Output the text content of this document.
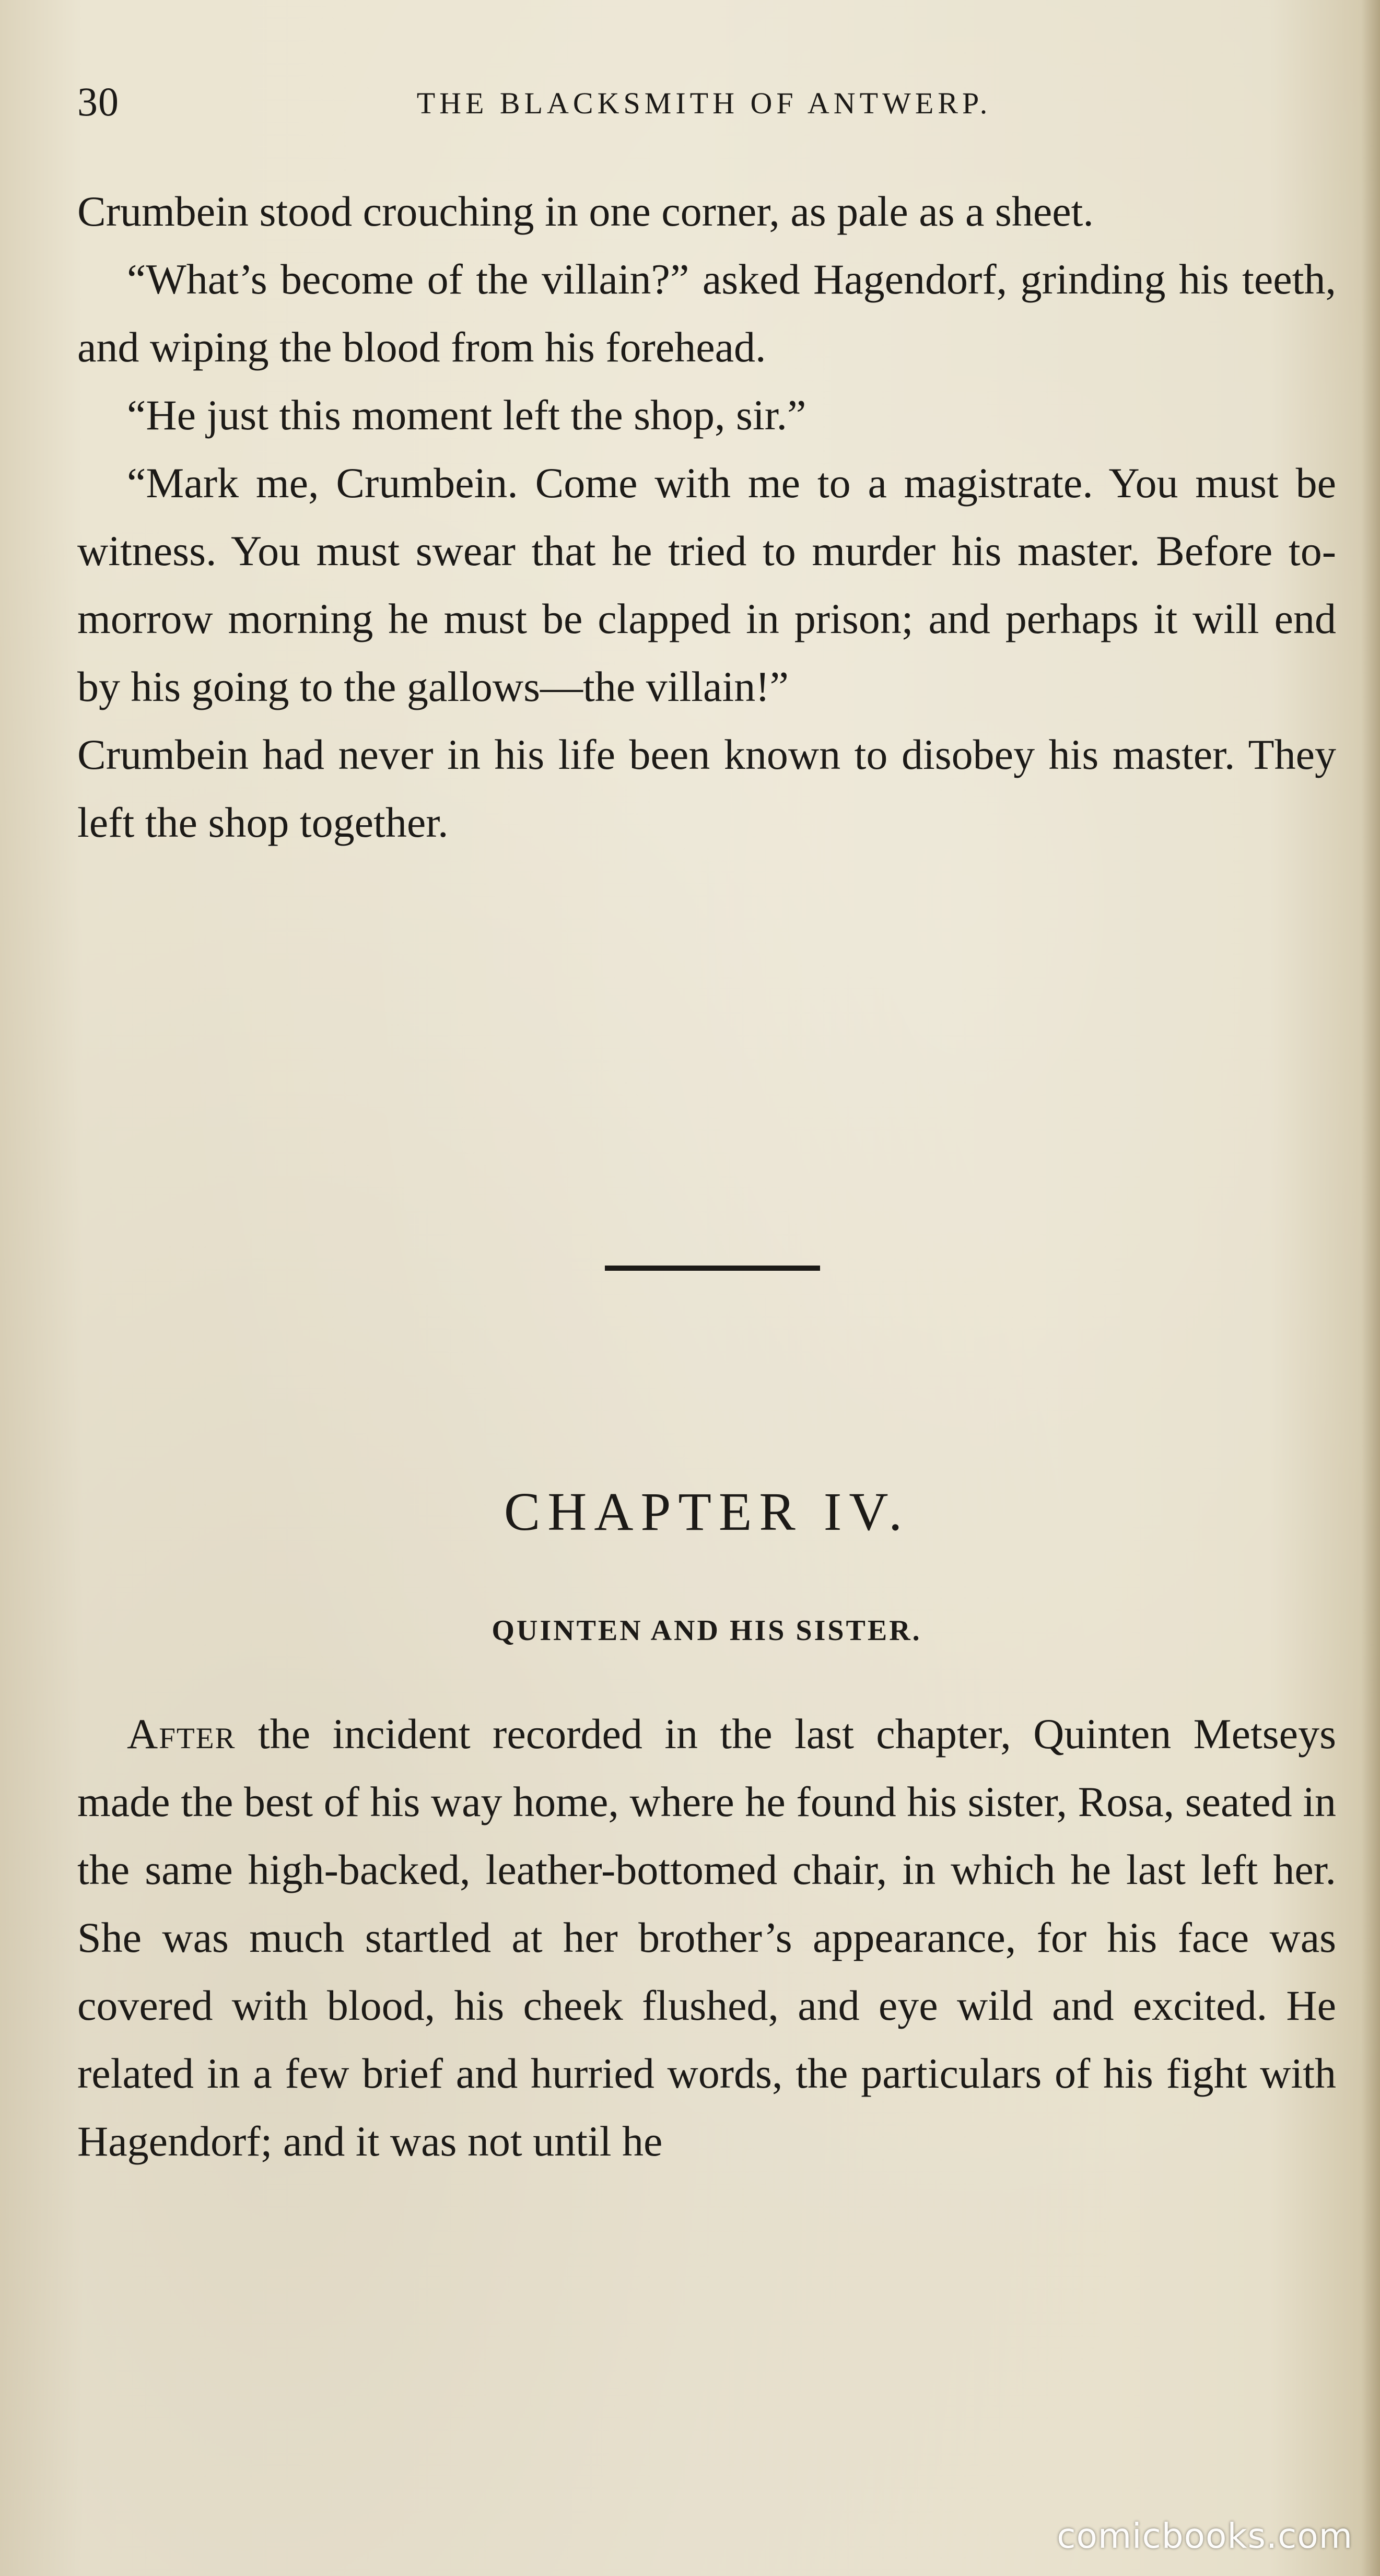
30	THE BLACKSMITH OF ANTWERP.

Crumbein stood crouching in one corner, as pale as a sheet.

“What’s become of the villain?” asked Hagendorf, grinding his teeth, and wiping the blood from his forehead.

“He just this moment left the shop, sir.”

“Mark me, Crumbein. Come with me to a magistrate. You must be witness. You must swear that he tried to murder his master. Before to-morrow morning he must be clapped in prison; and perhaps it will end by his going to the gallows—the villain!”

Crumbein had never in his life been known to disobey his master. They left the shop together.

CHAPTER IV.
QUINTEN AND HIS SISTER.

After the incident recorded in the last chapter, Quinten Metseys made the best of his way home, where he found his sister, Rosa, seated in the same high-backed, leather-bottomed chair, in which he last left her. She was much startled at her brother’s appearance, for his face was covered with blood, his cheek flushed, and eye wild and excited. He related in a few brief and hurried words, the particulars of his fight with Hagendorf; and it was not until he

comicbooks.com
